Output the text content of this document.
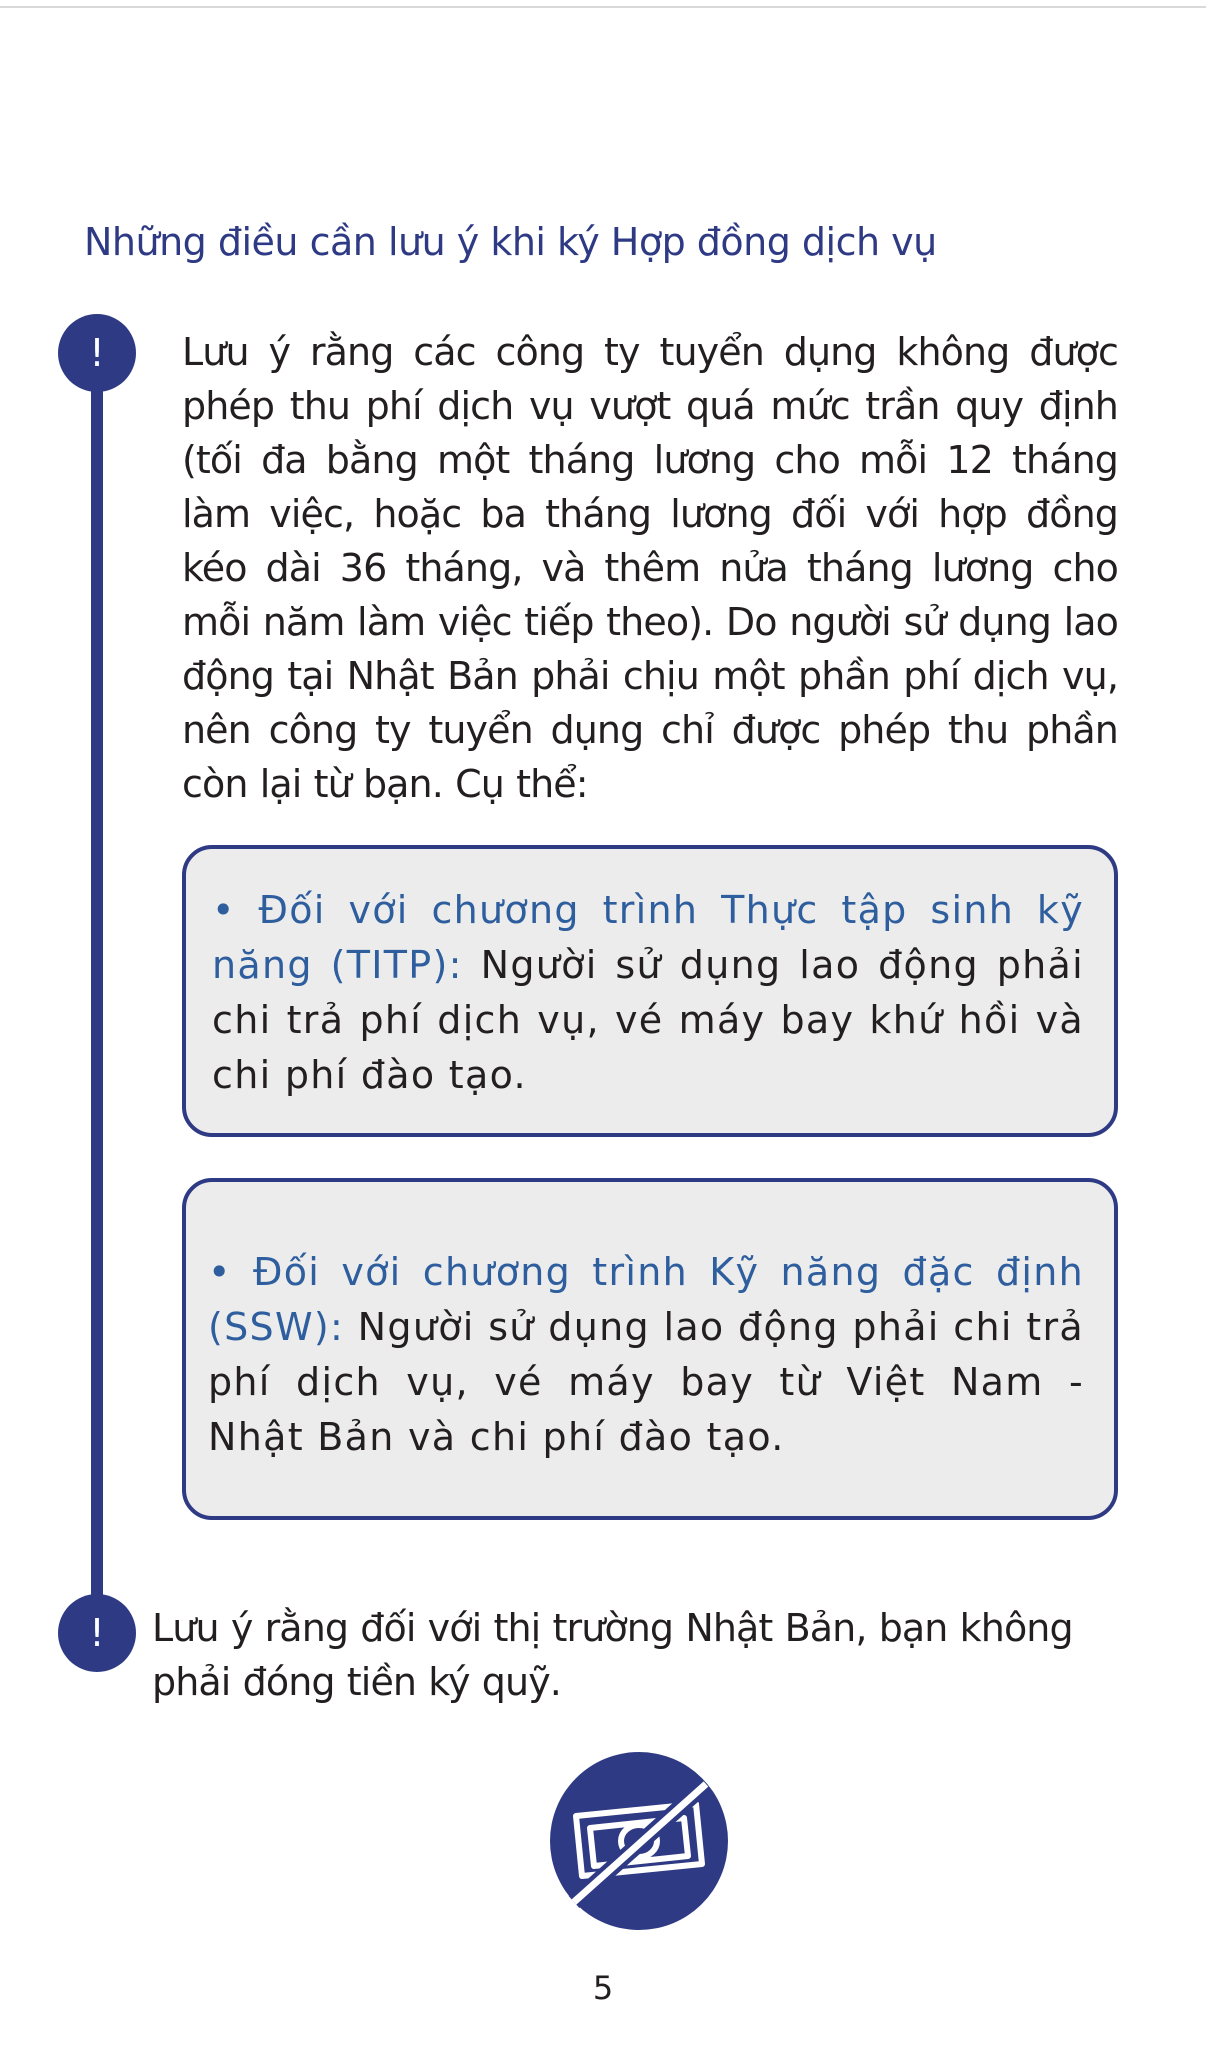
Những điều cần lưu ý khi ký Hợp đồng dịch vụ
!	Lưu ý rằng các công ty tuyển dụng không được phép thu phí dịch vụ vượt quá mức trần quy định (tối đa bằng một tháng lương cho mỗi 12 tháng làm việc, hoặc ba tháng lương đối với hợp đồng kéo dài 36 tháng, và thêm nửa tháng lương cho mỗi năm làm việc tiếp theo). Do người sử dụng lao động tại Nhật Bản phải chịu một phần phí dịch vụ, nên công ty tuyển dụng chỉ được phép thu phần còn lại từ bạn. Cụ thể:
• Đối với chương trình Thực tập sinh kỹ năng (TITP): Người sử dụng lao động phải chi trả phí dịch vụ, vé máy bay khứ hồi và chi phí đào tạo.
• Đối với chương trình Kỹ năng đặc định (SSW): Người sử dụng lao động phải chi trả phí dịch vụ, vé máy bay từ Việt Nam - Nhật Bản và chi phí đào tạo.
!	Lưu ý rằng đối với thị trường Nhật Bản, bạn không phải đóng tiền ký quỹ.
5
